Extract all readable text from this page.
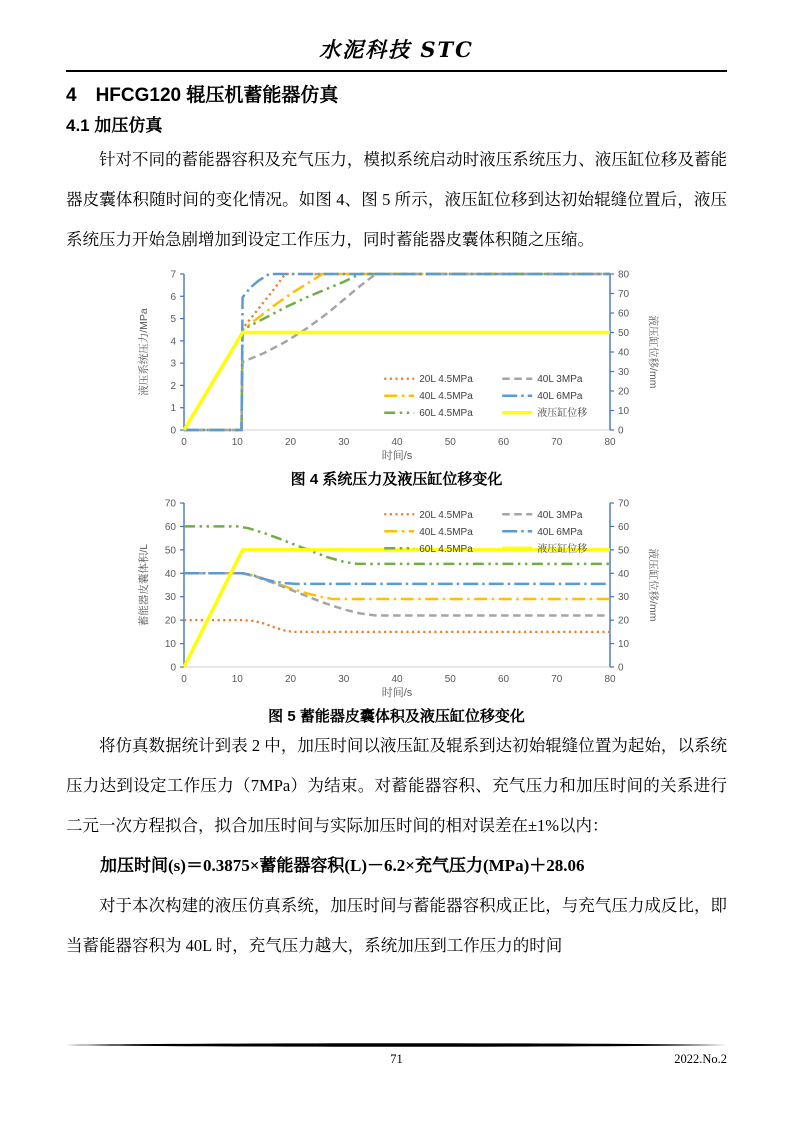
水泥科技 STC
4　HFCG120 辊压机蓄能器仿真
4.1 加压仿真

针对不同的蓄能器容积及充气压力，模拟系统启动时液压系统压力、液压缸位移及蓄能器皮囊体积随时间的变化情况。如图 4、图 5 所示，液压缸位移到达初始辊缝位置后，液压系统压力开始急剧增加到设定工作压力，同时蓄能器皮囊体积随之压缩。

0
1
2
3
4
5
6
7
0
10
20
30
40
50
60
70
80
0	10	20	30	40	50	60	70	80
时间/s
液压系统压力/MPa	液压缸位移/mm
20L 4.5MPa
40L 4.5MPa
60L 4.5MPa
40L 3MPa
40L 6MPa
液压缸位移
图 4 系统压力及液压缸位移变化
0
10
20
30
40
50
60
70
0
10
20
30
40
50
60
70
0	10	20	30	40	50	60	70	80
时间/s
蓄能器皮囊体积/L	液压缸位移/mm
20L 4.5MPa
40L 4.5MPa
60L 4.5MPa
40L 3MPa
40L 6MPa
液压缸位移
图 5 蓄能器皮囊体积及液压缸位移变化

将仿真数据统计到表 2 中，加压时间以液压缸及辊系到达初始辊缝位置为起始，以系统压力达到设定工作压力（7MPa）为结束。对蓄能器容积、充气压力和加压时间的关系进行二元一次方程拟合，拟合加压时间与实际加压时间的相对误差在±1%以内：

加压时间(s)＝0.3875×蓄能器容积(L)－6.2×充气压力(MPa)＋28.06

对于本次构建的液压仿真系统，加压时间与蓄能器容积成正比，与充气压力成反比，即当蓄能器容积为 40L 时，充气压力越大，系统加压到工作压力的时间

71	2022.No.2
